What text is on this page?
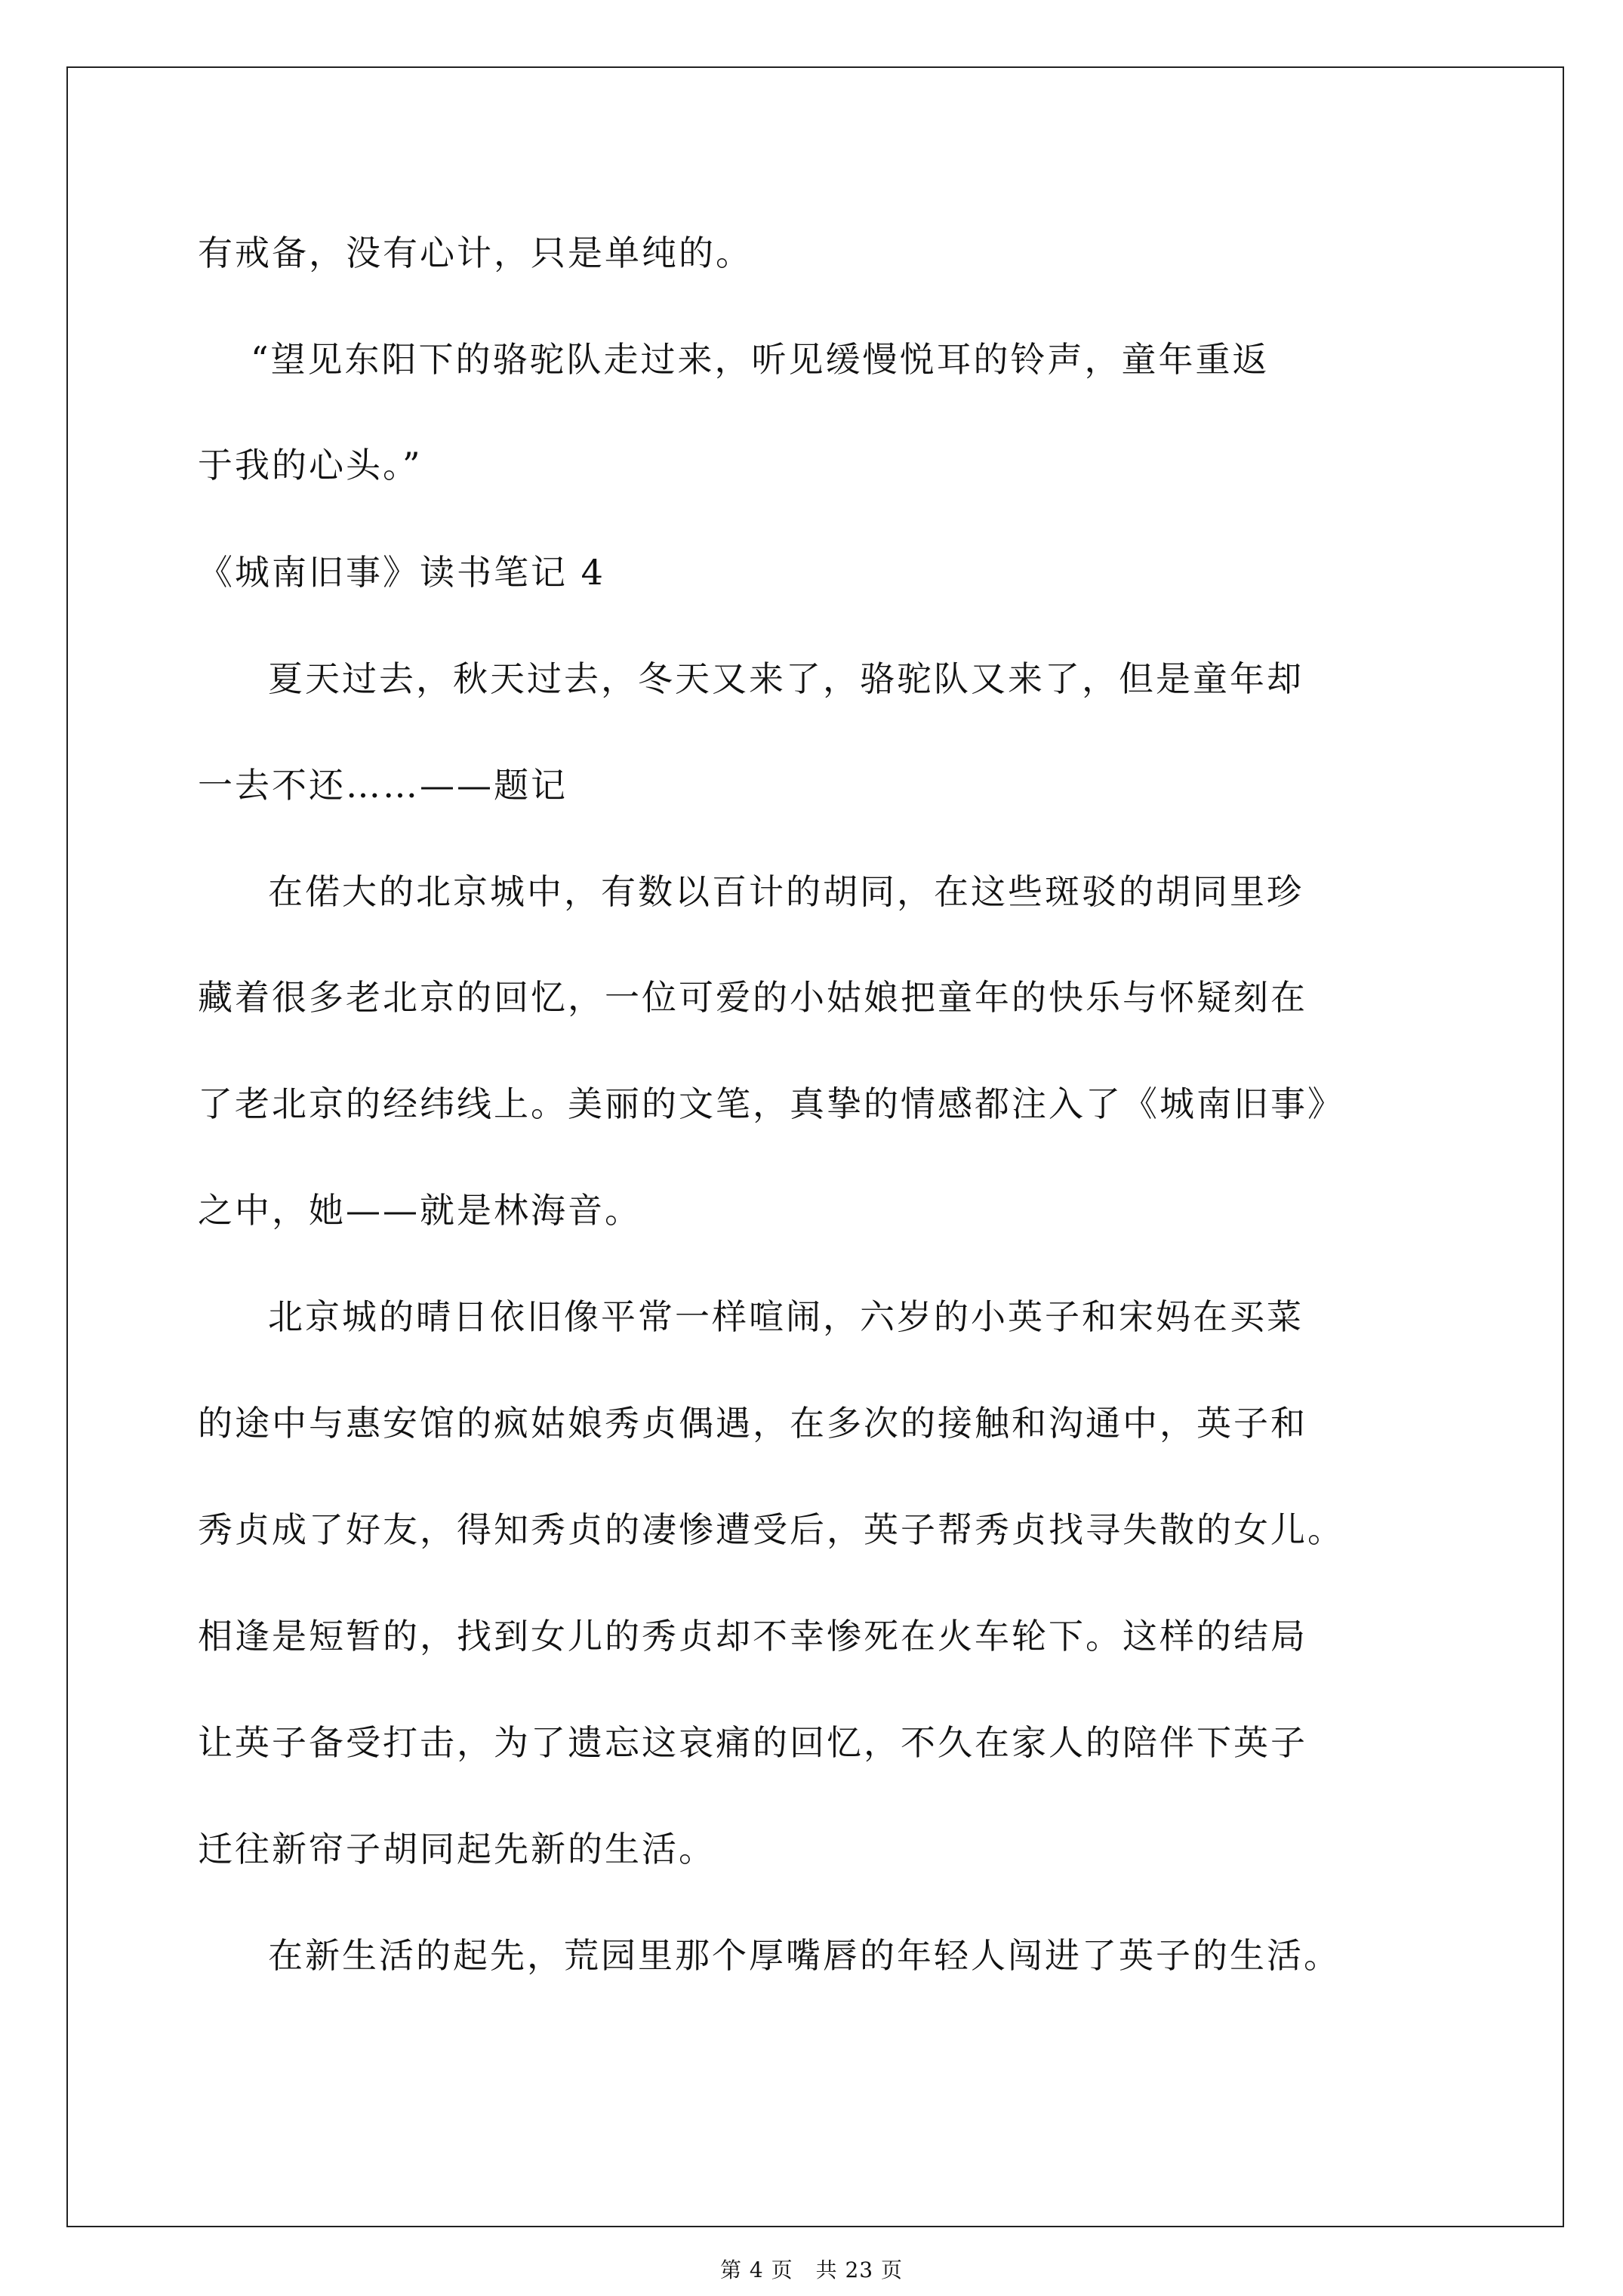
有戒备，没有心计，只是单纯的。
“望见东阳下的骆驼队走过来，听见缓慢悦耳的铃声，童年重返
于我的心头。”
《城南旧事》读书笔记 4
夏天过去，秋天过去，冬天又来了，骆驼队又来了，但是童年却
一去不还……——题记
在偌大的北京城中，有数以百计的胡同，在这些斑驳的胡同里珍
藏着很多老北京的回忆，一位可爱的小姑娘把童年的快乐与怀疑刻在
了老北京的经纬线上。美丽的文笔，真挚的情感都注入了《城南旧事》
之中，她——就是林海音。
北京城的晴日依旧像平常一样喧闹，六岁的小英子和宋妈在买菜
的途中与惠安馆的疯姑娘秀贞偶遇，在多次的接触和沟通中，英子和
秀贞成了好友，得知秀贞的凄惨遭受后，英子帮秀贞找寻失散的女儿。
相逢是短暂的，找到女儿的秀贞却不幸惨死在火车轮下。这样的结局
让英子备受打击，为了遗忘这哀痛的回忆，不久在家人的陪伴下英子
迁往新帘子胡同起先新的生活。
在新生活的起先，荒园里那个厚嘴唇的年轻人闯进了英子的生活。
第 4 页 共 23 页
